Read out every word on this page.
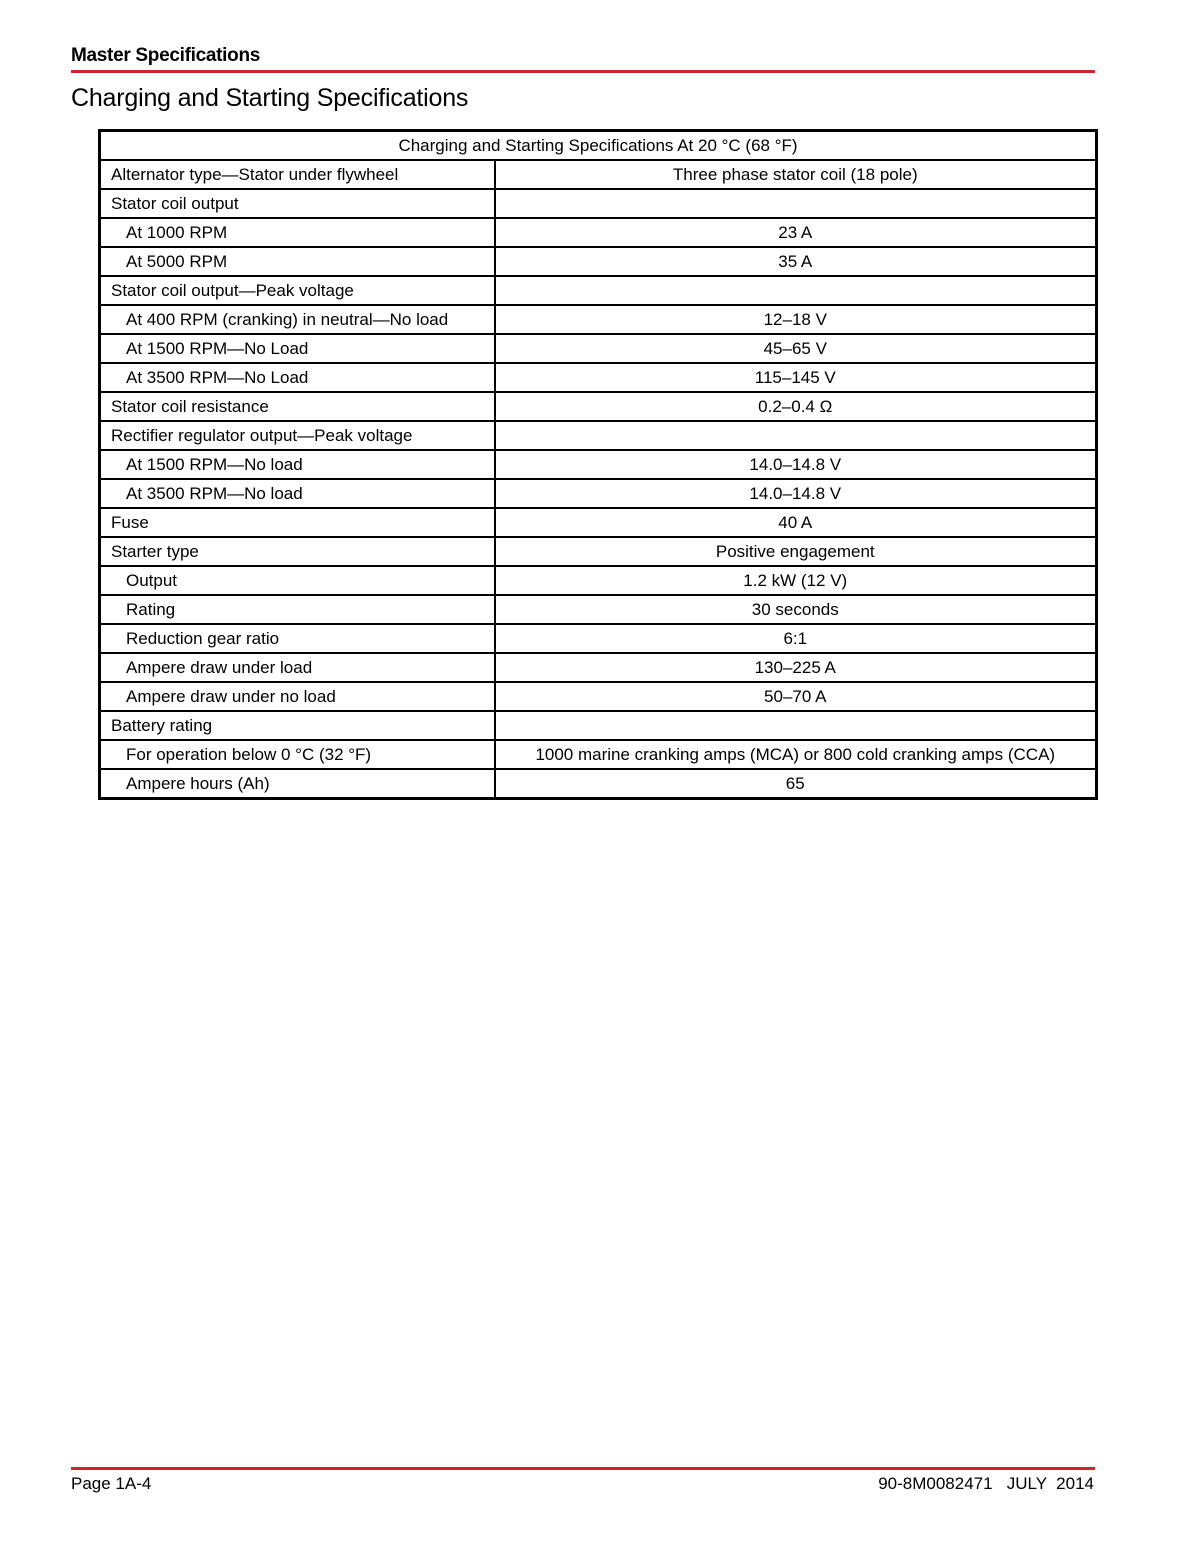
Master Specifications
Charging and Starting Specifications
Charging and Starting Specifications At 20 °C (68 °F)	
Alternator type—Stator under flywheel	Three phase stator coil (18 pole)
Stator coil output	
At 1000 RPM	23 A
At 5000 RPM	35 A
Stator coil output—Peak voltage	
At 400 RPM (cranking) in neutral—No load	12–18 V
At 1500 RPM—No Load	45–65 V
At 3500 RPM—No Load	115–145 V
Stator coil resistance	0.2–0.4 Ω
Rectifier regulator output—Peak voltage	
At 1500 RPM—No load	14.0–14.8 V
At 3500 RPM—No load	14.0–14.8 V
Fuse	40 A
Starter type	Positive engagement
Output	1.2 kW (12 V)
Rating	30 seconds
Reduction gear ratio	6:1
Ampere draw under load	130–225 A
Ampere draw under no load	50–70 A
Battery rating	
For operation below 0 °C (32 °F)	1000 marine cranking amps (MCA) or 800 cold cranking amps (CCA)
Ampere hours (Ah)	65
Page 1A-4	90-8M0082471   JULY  2014
